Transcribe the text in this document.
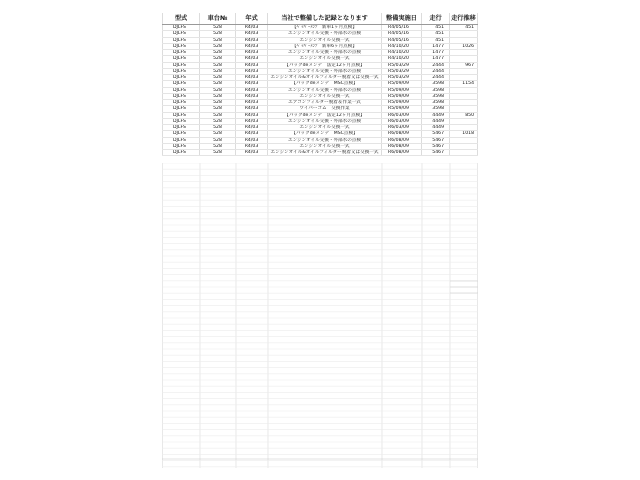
型式	車台№	年式	当社で整備した記録となります	整備実施日	走行	走行推移
DJLFS	528	R4/03	【ﾍﾟｯﾊﾟｰﾒﾝﾃ　新車1ヶ月点検】	R4/05/16	451	451
DJLFS	528	R4/03	エンジンオイル交換・外部水の点検	R4/05/16	451
DJLFS	528	R4/03	エンジンオイル交換一式	R4/05/16	451
DJLFS	528	R4/03	【ﾍﾟｯﾊﾟｰﾒﾝﾃ　新車6ヶ月点検】	R4/10/20	1477	1026
DJLFS	528	R4/03	エンジンオイル交換・外部水の点検	R4/10/20	1477
DJLFS	528	R4/03	エンジンオイル交換一式	R4/10/20	1477
DJLFS	528	R4/03	【パックdeメンテ　法定12ヶ月点検】	R5/03/29	2444	967
DJLFS	528	R4/03	エンジンオイル交換・外部水の点検	R5/03/29	2444
DJLFS	528	R4/03	エンジンオイル&オイルフィルター脱着又は交換一式	R5/03/29	2444
DJLFS	528	R4/03	【パックdeメンテ　MSC点検】	R5/09/09	3598	1154
DJLFS	528	R4/03	エンジンオイル交換・外部水の点検	R5/09/09	3598
DJLFS	528	R4/03	エンジンオイル交換一式	R5/09/09	3598
DJLFS	528	R4/03	エアコンフィルター脱着＆作業一式	R5/09/09	3598
DJLFS	528	R4/03	ワイパーゴム　交換作業	R5/09/09	3598
DJLFS	528	R4/03	【パックdeメンテ　法定12ヶ月点検】	R6/03/09	4449	850
DJLFS	528	R4/03	エンジンオイル交換・外部水の点検	R6/03/09	4449
DJLFS	528	R4/03	エンジンオイル交換一式	R6/03/09	4449
DJLFS	528	R4/03	【パックdeメンテ　MSC点検】	R6/08/09	5467	1018
DJLFS	528	R4/03	エンジンオイル交換・外部水の点検	R6/08/09	5467
DJLFS	528	R4/03	エンジンオイル交換一式	R6/08/09	5467
DJLFS	528	R4/03	エンジンオイル&オイルフィルター脱着又は交換一式	R6/08/09	5467
